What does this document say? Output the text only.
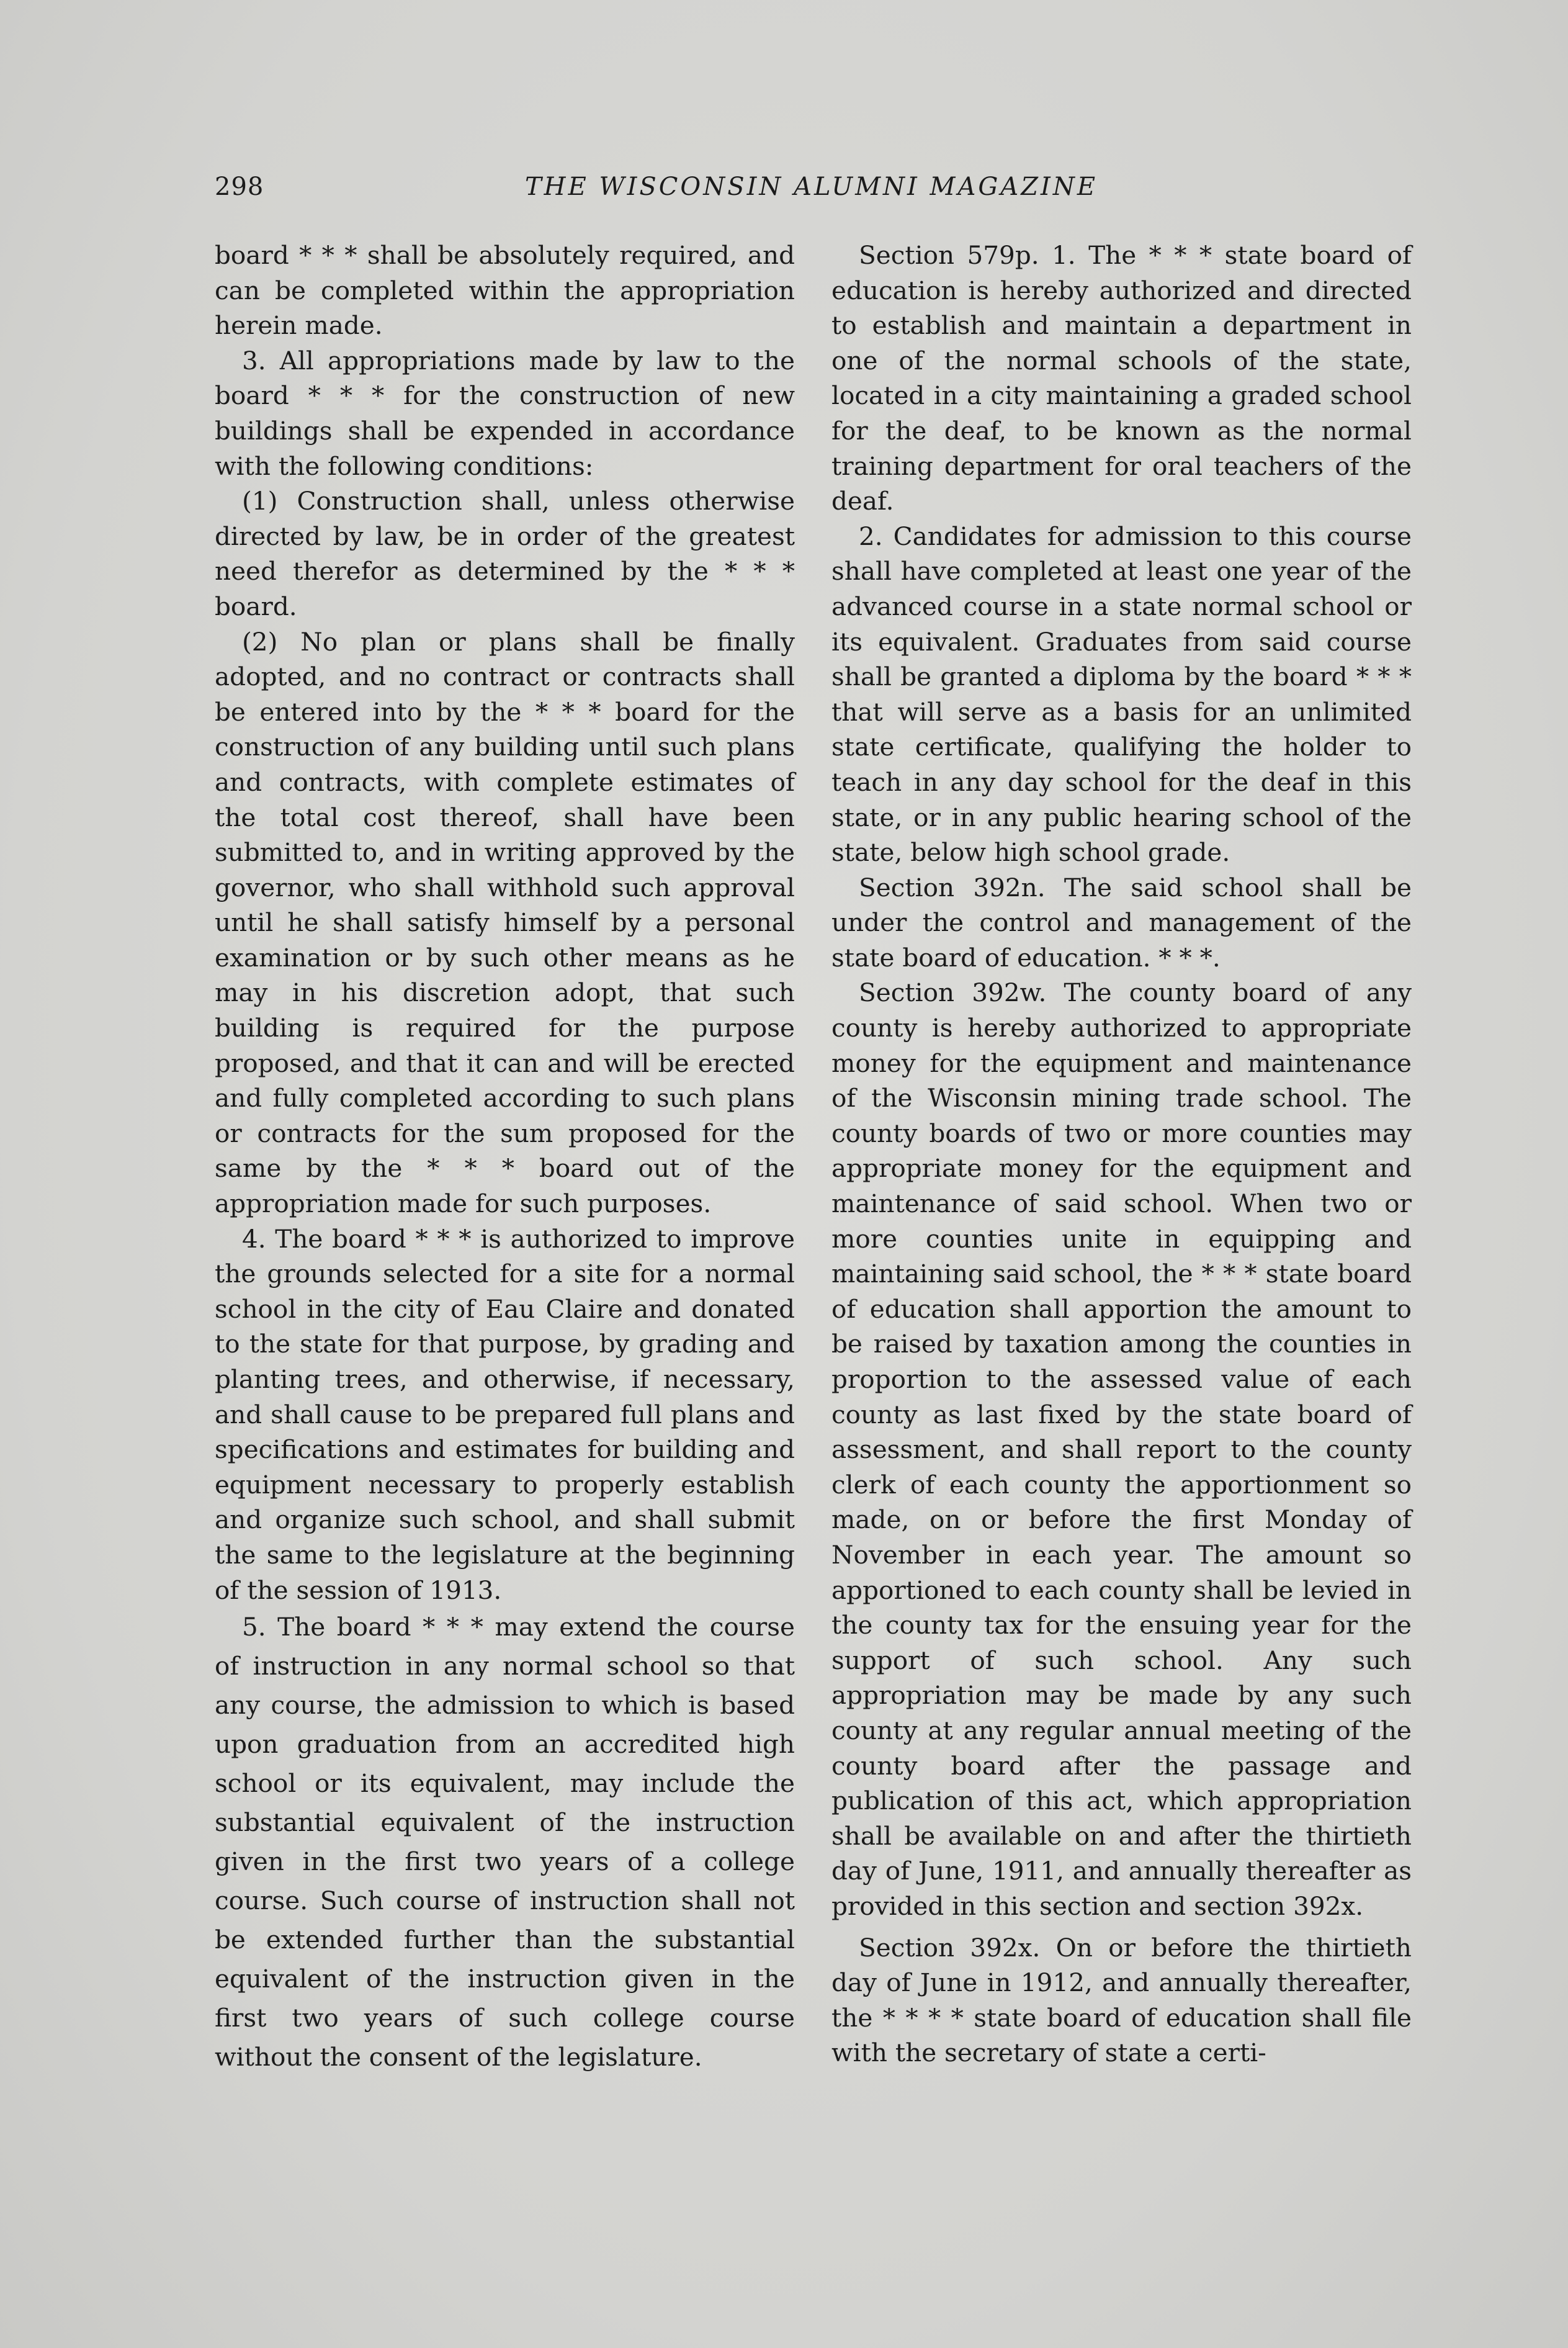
298	THE WISCONSIN ALUMNI MAGAZINE

board * * * shall be absolutely required, and can be completed within the appropriation herein made.

3. All appropriations made by law to the board * * * for the construction of new buildings shall be expended in accordance with the following conditions:

(1) Construction shall, unless otherwise directed by law, be in order of the greatest need therefor as determined by the * * * board.

(2) No plan or plans shall be finally adopted, and no contract or contracts shall be entered into by the * * * board for the construction of any building until such plans and contracts, with complete estimates of the total cost thereof, shall have been submitted to, and in writing approved by the governor, who shall withhold such approval until he shall satisfy himself by a personal examination or by such other means as he may in his discretion adopt, that such building is required for the purpose proposed, and that it can and will be erected and fully completed according to such plans or contracts for the sum proposed for the same by the * * * board out of the appropriation made for such purposes.

4. The board * * * is authorized to improve the grounds selected for a site for a normal school in the city of Eau Claire and donated to the state for that purpose, by grading and planting trees, and otherwise, if necessary, and shall cause to be prepared full plans and specifications and estimates for building and equipment necessary to properly establish and organize such school, and shall submit the same to the legislature at the beginning of the session of 1913.

5. The board * * * may extend the course of instruction in any normal school so that any course, the admission to which is based upon graduation from an accredited high school or its equivalent, may include the substantial equivalent of the instruction given in the first two years of a college course. Such course of instruction shall not be extended further than the substantial equivalent of the instruction given in the first two years of such college course without the consent of the legislature.

Section 579p. 1. The * * * state board of education is hereby authorized and directed to establish and maintain a department in one of the normal schools of the state, located in a city maintaining a graded school for the deaf, to be known as the normal training department for oral teachers of the deaf.

2. Candidates for admission to this course shall have completed at least one year of the advanced course in a state normal school or its equivalent. Graduates from said course shall be granted a diploma by the board * * * that will serve as a basis for an unlimited state certificate, qualifying the holder to teach in any day school for the deaf in this state, or in any public hearing school of the state, below high school grade.

Section 392n. The said school shall be under the control and management of the state board of education. * * *.

Section 392w. The county board of any county is hereby authorized to appropriate money for the equipment and maintenance of the Wisconsin mining trade school. The county boards of two or more counties may appropriate money for the equipment and maintenance of said school. When two or more counties unite in equipping and maintaining said school, the * * * state board of education shall apportion the amount to be raised by taxation among the counties in proportion to the assessed value of each county as last fixed by the state board of assessment, and shall report to the county clerk of each county the apportionment so made, on or before the first Monday of November in each year. The amount so apportioned to each county shall be levied in the county tax for the ensuing year for the support of such school. Any such appropriation may be made by any such county at any regular annual meeting of the county board after the passage and publication of this act, which appropriation shall be available on and after the thirtieth day of June, 1911, and annually thereafter as provided in this section and section 392x.

Section 392x. On or before the thirtieth day of June in 1912, and annually thereafter, the * * * * state board of education shall file with the secretary of state a certi-
